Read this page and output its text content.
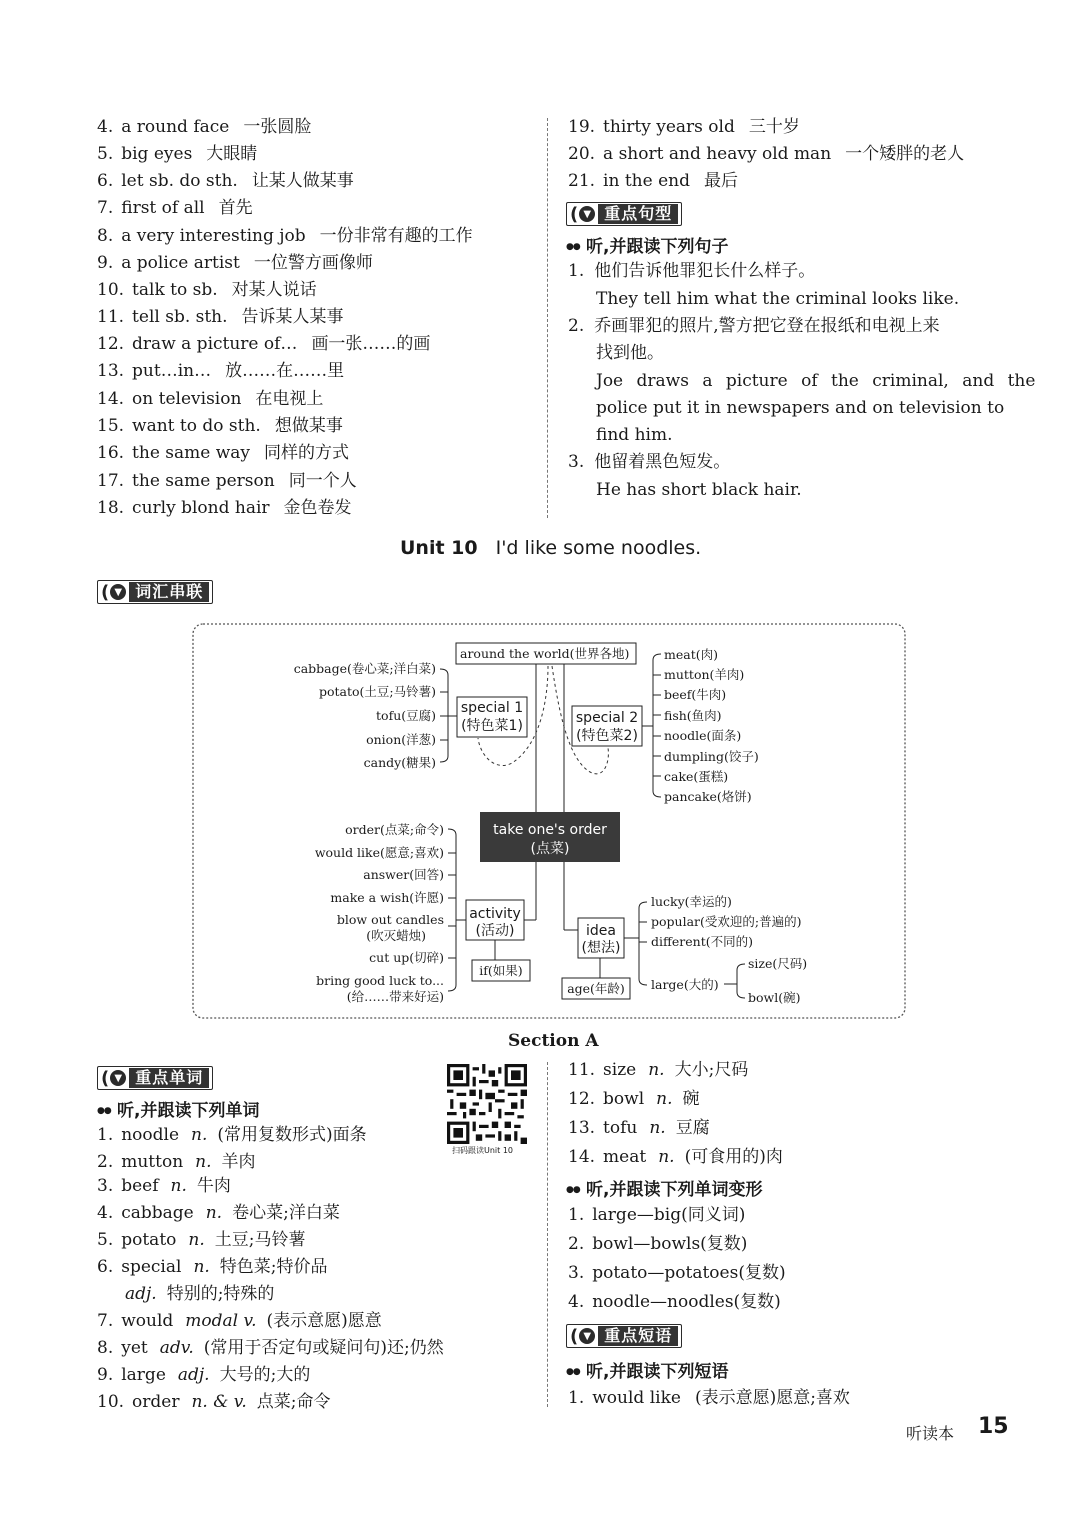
4. a round face 一张圆脸
5. big eyes 大眼睛
6. let sb. do sth. 让某人做某事
7. first of all 首先
8. a very interesting job 一份非常有趣的工作
9. a police artist 一位警方画像师
10. talk to sb. 对某人说话
11. tell sb. sth. 告诉某人某事
12. draw a picture of… 画一张……的画
13. put…in… 放……在……里
14. on television 在电视上
15. want to do sth. 想做某事
16. the same way 同样的方式
17. the same person 同一个人
18. curly blond hair 金色卷发
19. thirty years old 三十岁
20. a short and heavy old man 一个矮胖的老人
21. in the end 最后
( ▼ 重点句型
●● 听,并跟读下列句子
1. 他们告诉他罪犯长什么样子。
They tell him what the criminal looks like.
2. 乔画罪犯的照片,警方把它登在报纸和电视上来
找到他。
Joe draws a picture of the criminal, and the
police put it in newspapers and on television to
find him.
3. 他留着黑色短发。
He has short black hair.
Unit 10 I'd like some noodles.
( ▼ 词汇串联
around the world(世界各地)
take one's order
(点菜)
special 1
(特色菜1)	special 2
(特色菜2)
cabbage(卷心菜;洋白菜)
potato(土豆;马铃薯)
tofu(豆腐)
onion(洋葱)
candy(糖果)
meat(肉)
mutton(羊肉)
beef(牛肉)
fish(鱼肉)
noodle(面条)
dumpling(饺子)
cake(蛋糕)
pancake(烙饼)
activity
(活动)
if(如果)
order(点菜;命令)
would like(愿意;喜欢)
answer(回答)
make a wish(许愿)
blow out candles
(吹灭蜡烛)
cut up(切碎)
bring good luck to...
(给……带来好运)
idea
(想法)
age(年龄)
lucky(幸运的)
popular(受欢迎的;普遍的)
different(不同的)
large(大的)
size(尺码)
bowl(碗)
Section A
( ▼ 重点单词
●● 听,并跟读下列单词
扫码跟读Unit 10
1. noodle n. (常用复数形式)面条
2. mutton n. 羊肉
3. beef n. 牛肉
4. cabbage n. 卷心菜;洋白菜
5. potato n. 土豆;马铃薯
6. special n. 特色菜;特价品
adj. 特别的;特殊的
7. would modal v. (表示意愿)愿意
8. yet adv. (常用于否定句或疑问句)还;仍然
9. large adj. 大号的;大的
10. order n. & v. 点菜;命令
11. size n. 大小;尺码
12. bowl n. 碗
13. tofu n. 豆腐
14. meat n. (可食用的)肉
●● 听,并跟读下列单词变形
1. large—big(同义词)
2. bowl—bowls(复数)
3. potato—potatoes(复数)
4. noodle—noodles(复数)
( ▼ 重点短语
●● 听,并跟读下列短语
1. would like (表示意愿)愿意;喜欢
听读本 15
